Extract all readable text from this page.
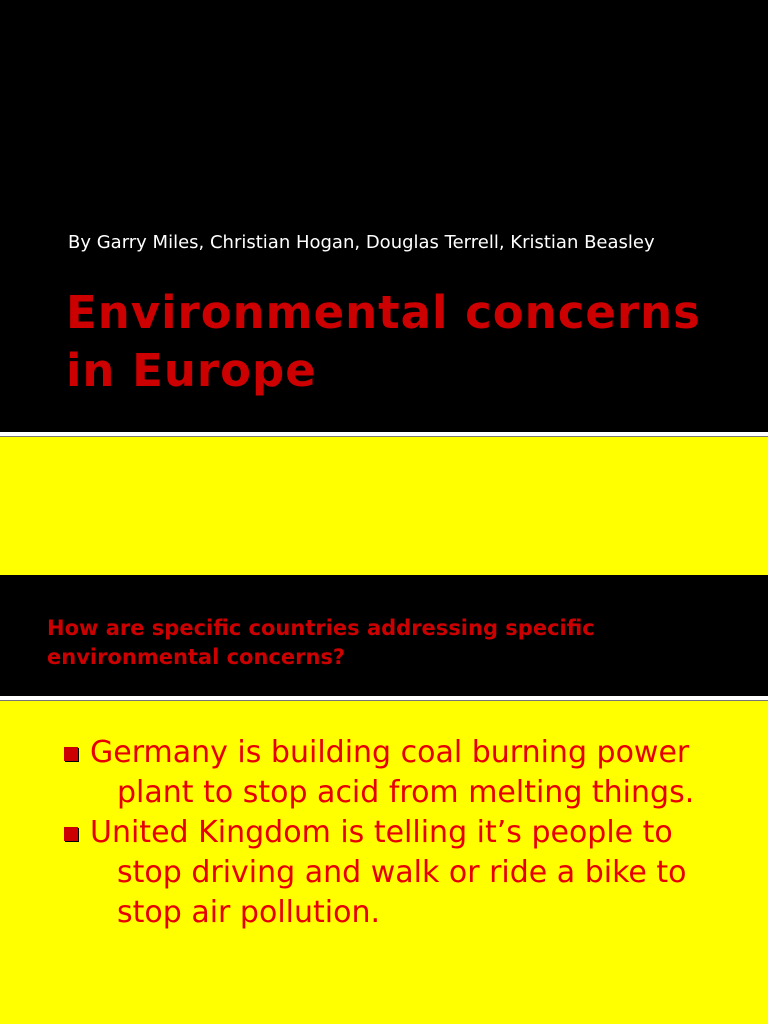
By Garry Miles, Christian Hogan, Douglas Terrell, Kristian Beasley
Environmental concerns in Europe
How are specific countries addressing specific environmental concerns?
Germany is building coal burning power plant to stop acid from melting things.
United Kingdom is telling it’s people to stop driving and walk or ride a bike to stop air pollution.
